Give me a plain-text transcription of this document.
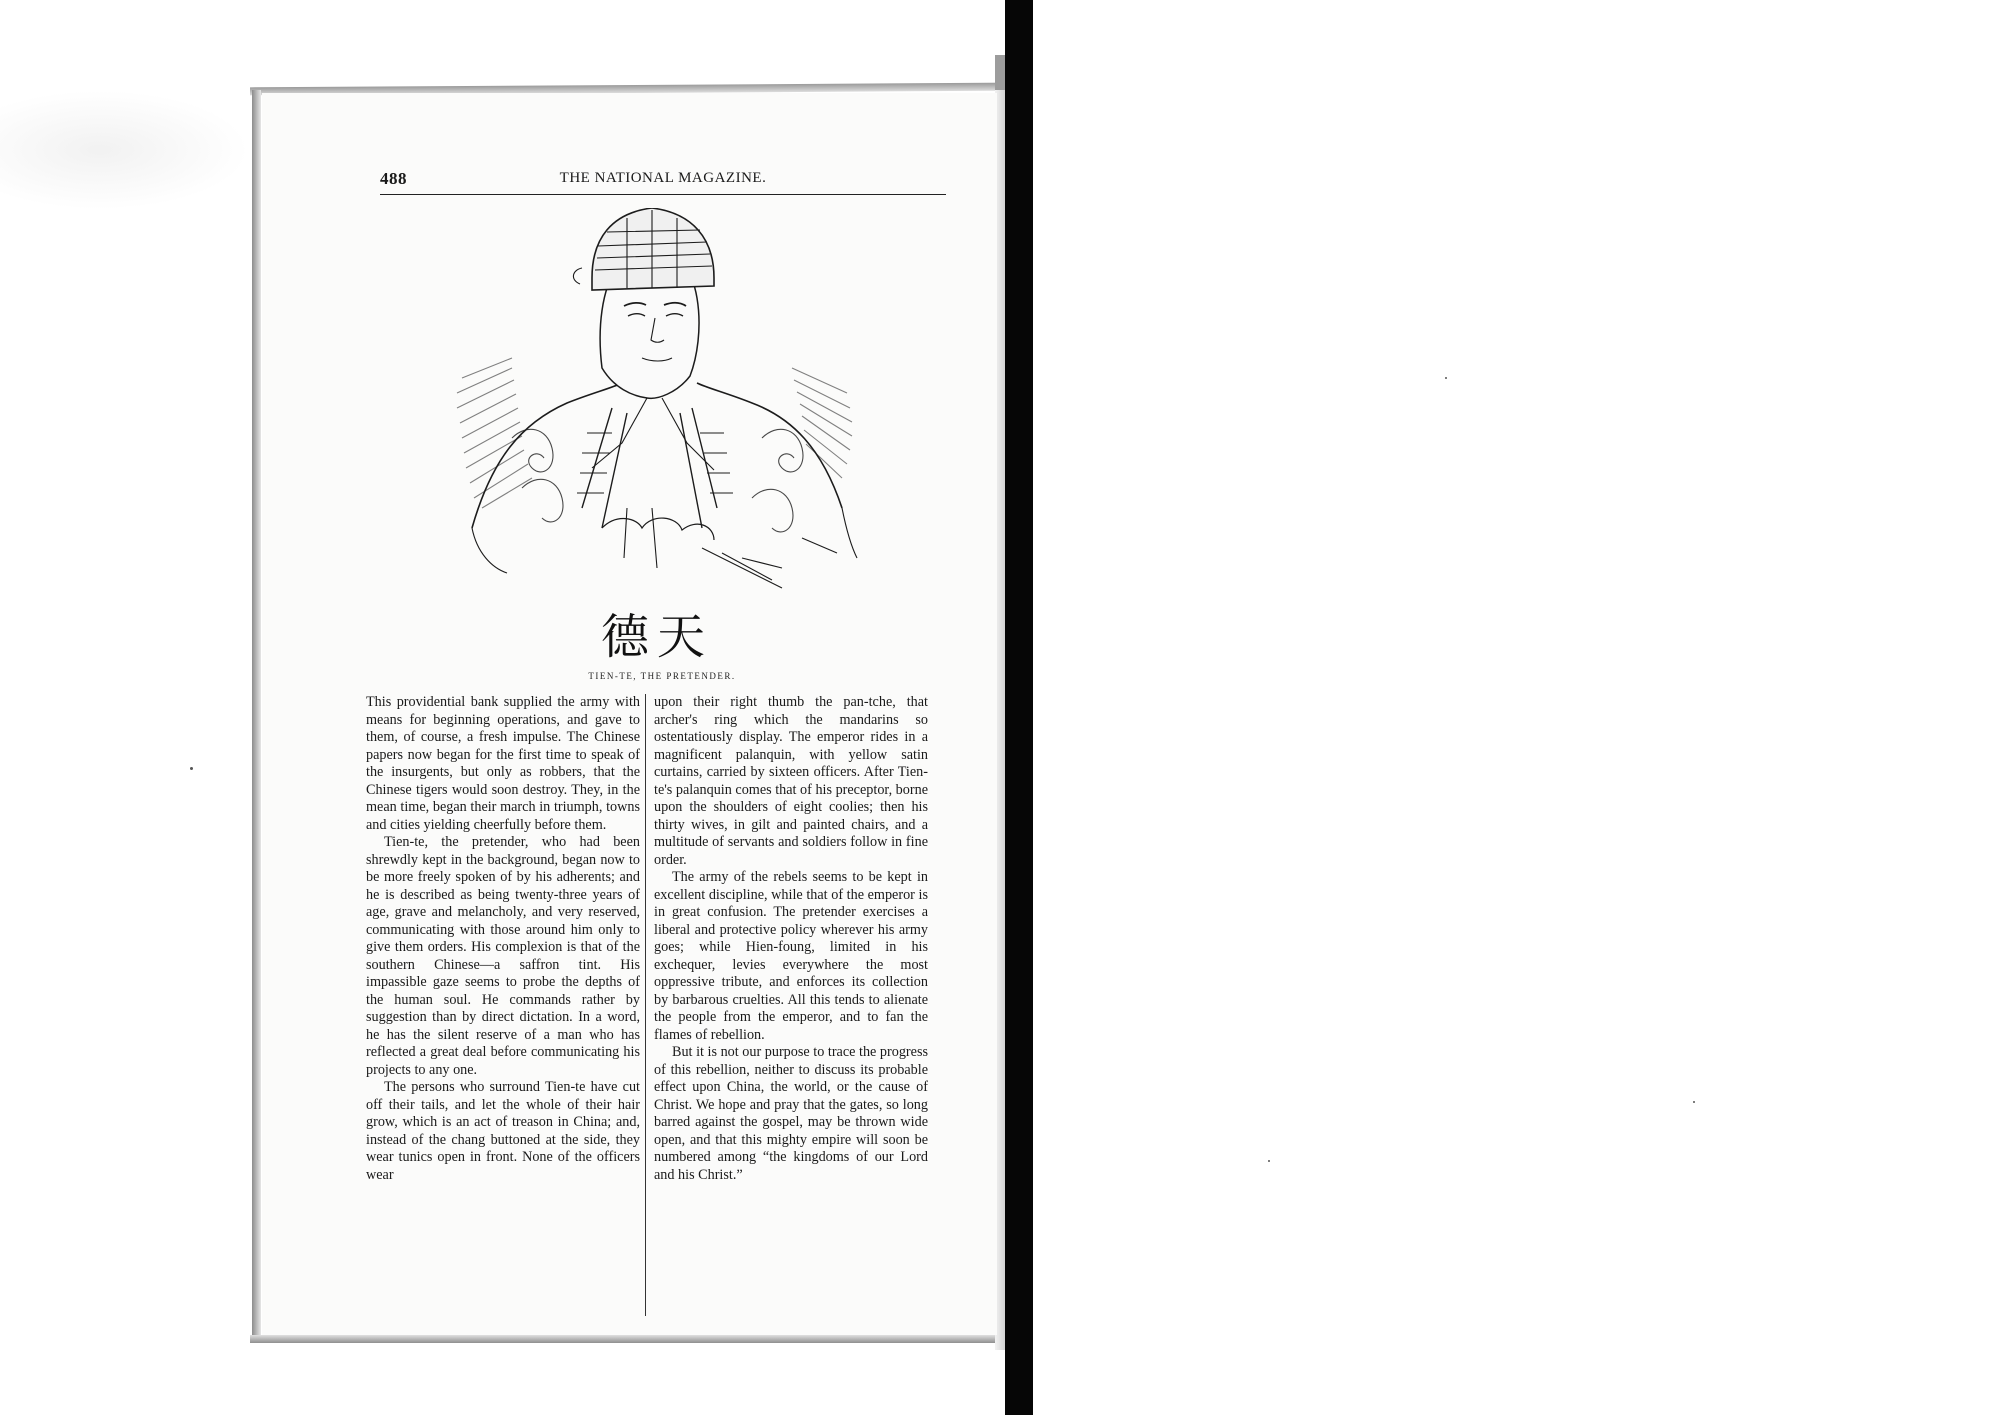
488	THE NATIONAL MAGAZINE.
德天
TIEN-TE, THE PRETENDER.

This providential bank supplied the army with means for beginning operations, and gave to them, of course, a fresh impulse. The Chinese papers now began for the first time to speak of the insurgents, but only as robbers, that the Chinese tigers would soon destroy. They, in the mean time, began their march in triumph, towns and cities yielding cheerfully before them.

Tien-te, the pretender, who had been shrewdly kept in the background, began now to be more freely spoken of by his adherents; and he is described as being twenty-three years of age, grave and melancholy, and very reserved, communicating with those around him only to give them orders. His complexion is that of the southern Chinese—a saffron tint. His impassible gaze seems to probe the depths of the human soul. He commands rather by suggestion than by direct dictation. In a word, he has the silent reserve of a man who has reflected a great deal before communicating his projects to any one.

The persons who surround Tien-te have cut off their tails, and let the whole of their hair grow, which is an act of treason in China; and, instead of the chang buttoned at the side, they wear tunics open in front. None of the officers wear

upon their right thumb the pan-tche, that archer's ring which the mandarins so ostentatiously display. The emperor rides in a magnificent palanquin, with yellow satin curtains, carried by sixteen officers. After Tien-te's palanquin comes that of his preceptor, borne upon the shoulders of eight coolies; then his thirty wives, in gilt and painted chairs, and a multitude of servants and soldiers follow in fine order.

The army of the rebels seems to be kept in excellent discipline, while that of the emperor is in great confusion. The pretender exercises a liberal and protective policy wherever his army goes; while Hien-foung, limited in his exchequer, levies everywhere the most oppressive tribute, and enforces its collection by barbarous cruelties. All this tends to alienate the people from the emperor, and to fan the flames of rebellion.

But it is not our purpose to trace the progress of this rebellion, neither to discuss its probable effect upon China, the world, or the cause of Christ. We hope and pray that the gates, so long barred against the gospel, may be thrown wide open, and that this mighty empire will soon be numbered among “the kingdoms of our Lord and his Christ.”
